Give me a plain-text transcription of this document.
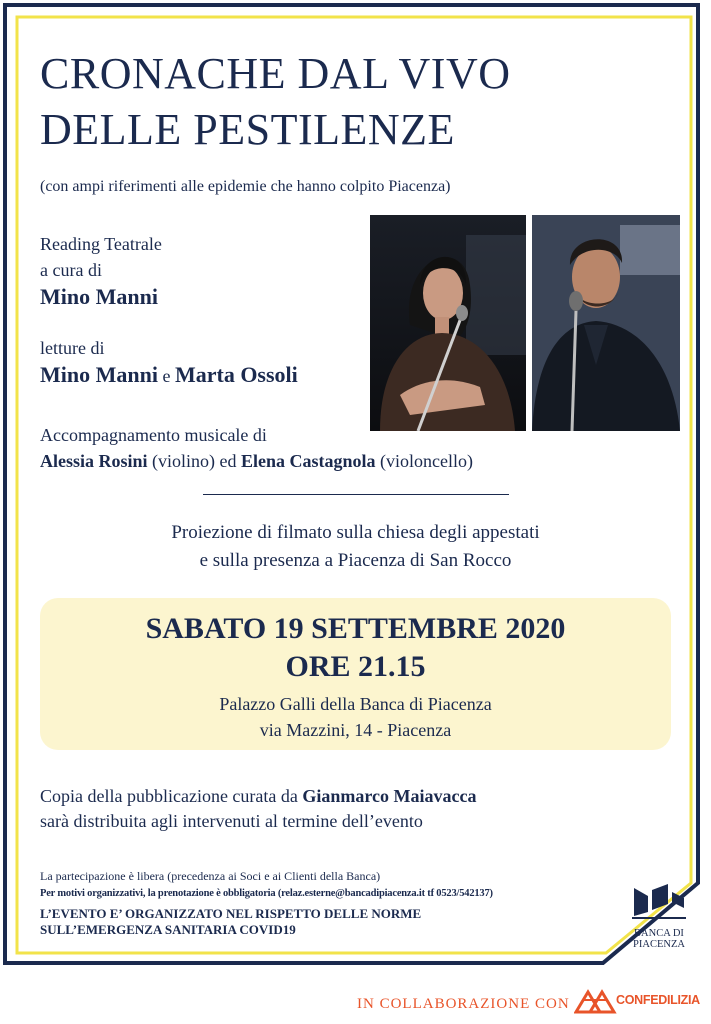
CRONACHE DAL VIVO
DELLE PESTILENZE
(con ampi riferimenti alle epidemie che hanno colpito Piacenza)
Reading Teatrale
a cura di
Mino Manni
letture di
Mino Manni e Marta Ossoli
Accompagnamento musicale di
Alessia Rosini (violino) ed Elena Castagnola (violoncello)
Proiezione di filmato sulla chiesa degli appestati
e sulla presenza a Piacenza di San Rocco
SABATO 19 SETTEMBRE 2020
ORE 21.15
Palazzo Galli della Banca di Piacenza
via Mazzini, 14 - Piacenza
Copia della pubblicazione curata da Gianmarco Maiavacca
sarà distribuita agli intervenuti al termine dell’evento
La partecipazione è libera (precedenza ai Soci e ai Clienti della Banca)
Per motivi organizzativi, la prenotazione è obbligatoria (relaz.esterne@bancadipiacenza.it tf 0523/542137)
L’EVENTO E’ ORGANIZZATO NEL RISPETTO DELLE NORME
SULL’EMERGENZA SANITARIA COVID19	BANCA DI
PIACENZA
IN COLLABORAZIONE CON	CONFEDILIZIA
